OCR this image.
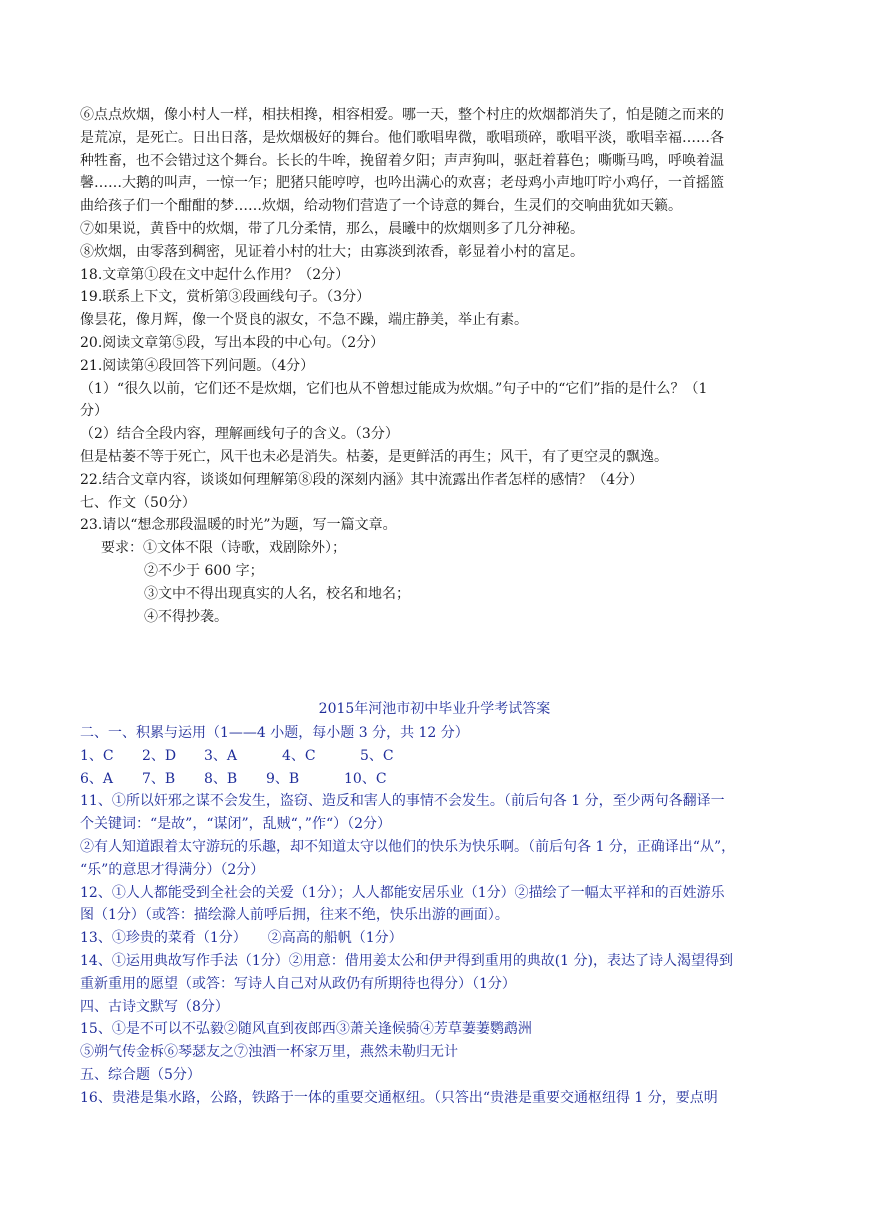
⑥点点炊烟，像小村人一样，相扶相搀，相容相爱。哪一天，整个村庄的炊烟都消失了，怕是随之而来的
是荒凉，是死亡。日出日落，是炊烟极好的舞台。他们歌唱卑微，歌唱琐碎，歌唱平淡，歌唱幸福……各
种牲畜，也不会错过这个舞台。长长的牛哞，挽留着夕阳；声声狗叫，驱赶着暮色；嘶嘶马鸣，呼唤着温
馨……大鹅的叫声，一惊一乍；肥猪只能哼哼，也吟出满心的欢喜；老母鸡小声地叮咛小鸡仔，一首摇篮
曲给孩子们一个酣酣的梦……炊烟，给动物们营造了一个诗意的舞台，生灵们的交响曲犹如天籁。
⑦如果说，黄昏中的炊烟，带了几分柔情，那么，晨曦中的炊烟则多了几分神秘。
⑧炊烟，由零落到稠密，见证着小村的壮大；由寡淡到浓香，彰显着小村的富足。
18.文章第①段在文中起什么作用？（2分）
19.联系上下文，赏析第③段画线句子。（3分）
像昙花，像月辉，像一个贤良的淑女，不急不躁，端庄静美，举止有素。
20.阅读文章第⑤段，写出本段的中心句。（2分）
21.阅读第④段回答下列问题。（4分）
（1）“很久以前，它们还不是炊烟，它们也从不曾想过能成为炊烟。”句子中的“它们”指的是什么？（1
分）
（2）结合全段内容，理解画线句子的含义。（3分）
但是枯萎不等于死亡，风干也未必是消失。枯萎，是更鲜活的再生；风干，有了更空灵的飘逸。
22.结合文章内容，谈谈如何理解第⑧段的深刻内涵》其中流露出作者怎样的感情？（4分）
七、作文（50分）
23.请以“想念那段温暖的时光”为题，写一篇文章。
要求：①文体不限（诗歌，戏剧除外）；
②不少于 600 字；
③文中不得出现真实的人名，校名和地名；
④不得抄袭。
2015年河池市初中毕业升学考试答案
二、一、积累与运用（1——4 小题，每小题 3 分，共 12 分）
1、C 2、D 3、A	4、C	5、C
6、A 7、B 8、B 9、B	10、C
11、①所以奸邪之谋不会发生，盗窃、造反和害人的事情不会发生。（前后句各 1 分，至少两句各翻译一
个关键词：“是故”，“谋闭”，乱贼“，”作“）（2分）
②有人知道跟着太守游玩的乐趣，却不知道太守以他们的快乐为快乐啊。（前后句各 1 分，正确译出“从”，
“乐”的意思才得满分）（2分）
12、①人人都能受到全社会的关爱（1分）；人人都能安居乐业（1分）②描绘了一幅太平祥和的百姓游乐
图（1分）（或答：描绘滁人前呼后拥，往来不绝，快乐出游的画面）。
13、①珍贵的菜肴（1分）　　②高高的船帆（1分）
14、①运用典故写作手法（1分）②用意：借用姜太公和伊尹得到重用的典故(1 分)，表达了诗人渴望得到
重新重用的愿望（或答：写诗人自己对从政仍有所期待也得分）（1分）
四、古诗文默写（8分）
15、①是不可以不弘毅②随风直到夜郎西③萧关逢候骑④芳草萋萋鹦鹉洲
⑤朔气传金柝⑥琴瑟友之⑦浊酒一杯家万里，燕然未勒归无计
五、综合题（5分）
16、贵港是集水路，公路，铁路于一体的重要交通枢纽。（只答出“贵港是重要交通枢纽得 1 分，要点明
